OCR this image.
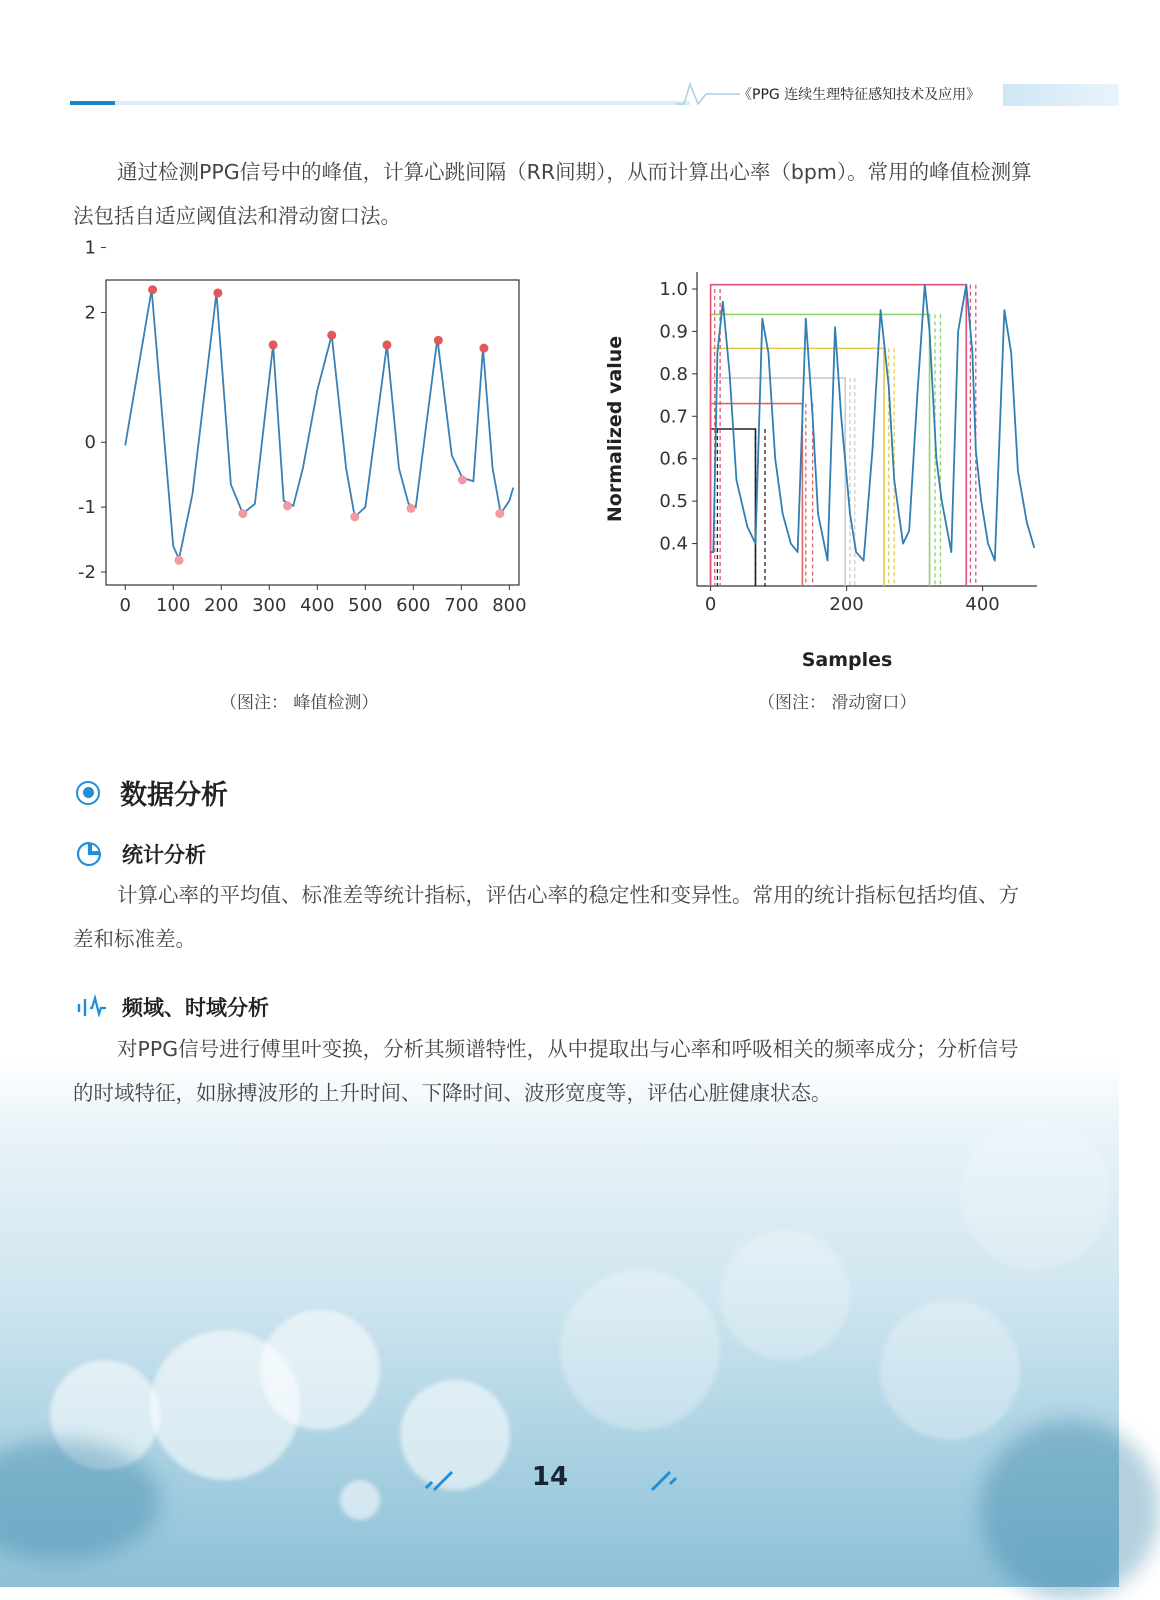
《PPG 连续生理特征感知技术及应用》
通过检测PPG信号中的峰值，计算心跳间隔（RR间期），从而计算出心率（bpm）。常用的峰值检测算法包括自适应阈值法和滑动窗口法。
0 100 200 300 400 500 600 700 800
-2
-1
0
2
1
0.4
0.5
0.6
0.7
0.8
0.9
1.0
0	200	400
Samples
Normalized value
（图注： 峰值检测）	（图注： 滑动窗口）
数据分析
统计分析
计算心率的平均值、标准差等统计指标，评估心率的稳定性和变异性。常用的统计指标包括均值、方差和标准差。
频域、时域分析
对PPG信号进行傅里叶变换，分析其频谱特性，从中提取出与心率和呼吸相关的频率成分；分析信号的时域特征，如脉搏波形的上升时间、下降时间、波形宽度等，评估心脏健康状态。
14
